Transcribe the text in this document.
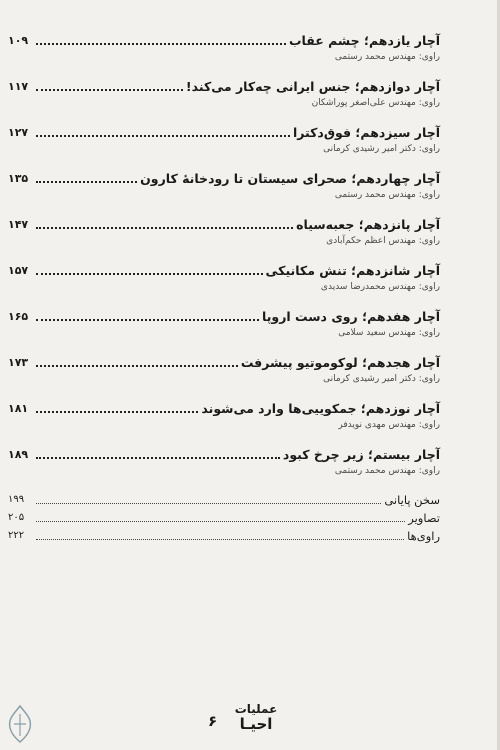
آچار یازدهم؛ چشم عقاب
۱۰۹
راوی: مهندس محمد رستمی
آچار دوازدهم؛ جنس ایرانی چه‌کار می‌کند!
۱۱۷
راوی: مهندس علی‌اصغر پوراشکان
آچار سیزدهم؛ فوق‌دکترا
۱۲۷
راوی: دکتر امیر رشیدی کرمانی
آچار چهاردهم؛ صحرای سیستان تا رودخانهٔ کارون
۱۳۵
راوی: مهندس محمد رستمی
آچار پانزدهم؛ جعبه‌سیاه
۱۴۷
راوی: مهندس اعظم حکم‌آبادی
آچار شانزدهم؛ تنش مکانیکی
۱۵۷
راوی: مهندس محمدرضا سدیدی
آچار هفدهم؛ روی دست اروپا
۱۶۵
راوی: مهندس سعید سلامی
آچار هجدهم؛ لوکوموتیو پیشرفت
۱۷۳
راوی: دکتر امیر رشیدی کرمانی
آچار نوزدهم؛ جمکوییی‌ها وارد می‌شوند
۱۸۱
راوی: مهندس مهدی نویدفر
آچار بیستم؛ زیر چرخ کبود
۱۸۹
راوی: مهندس محمد رستمی
سخن پایانی
۱۹۹
تصاویر
۲۰۵
راوی‌ها
۲۲۲
۶
عملیات
احیـا
